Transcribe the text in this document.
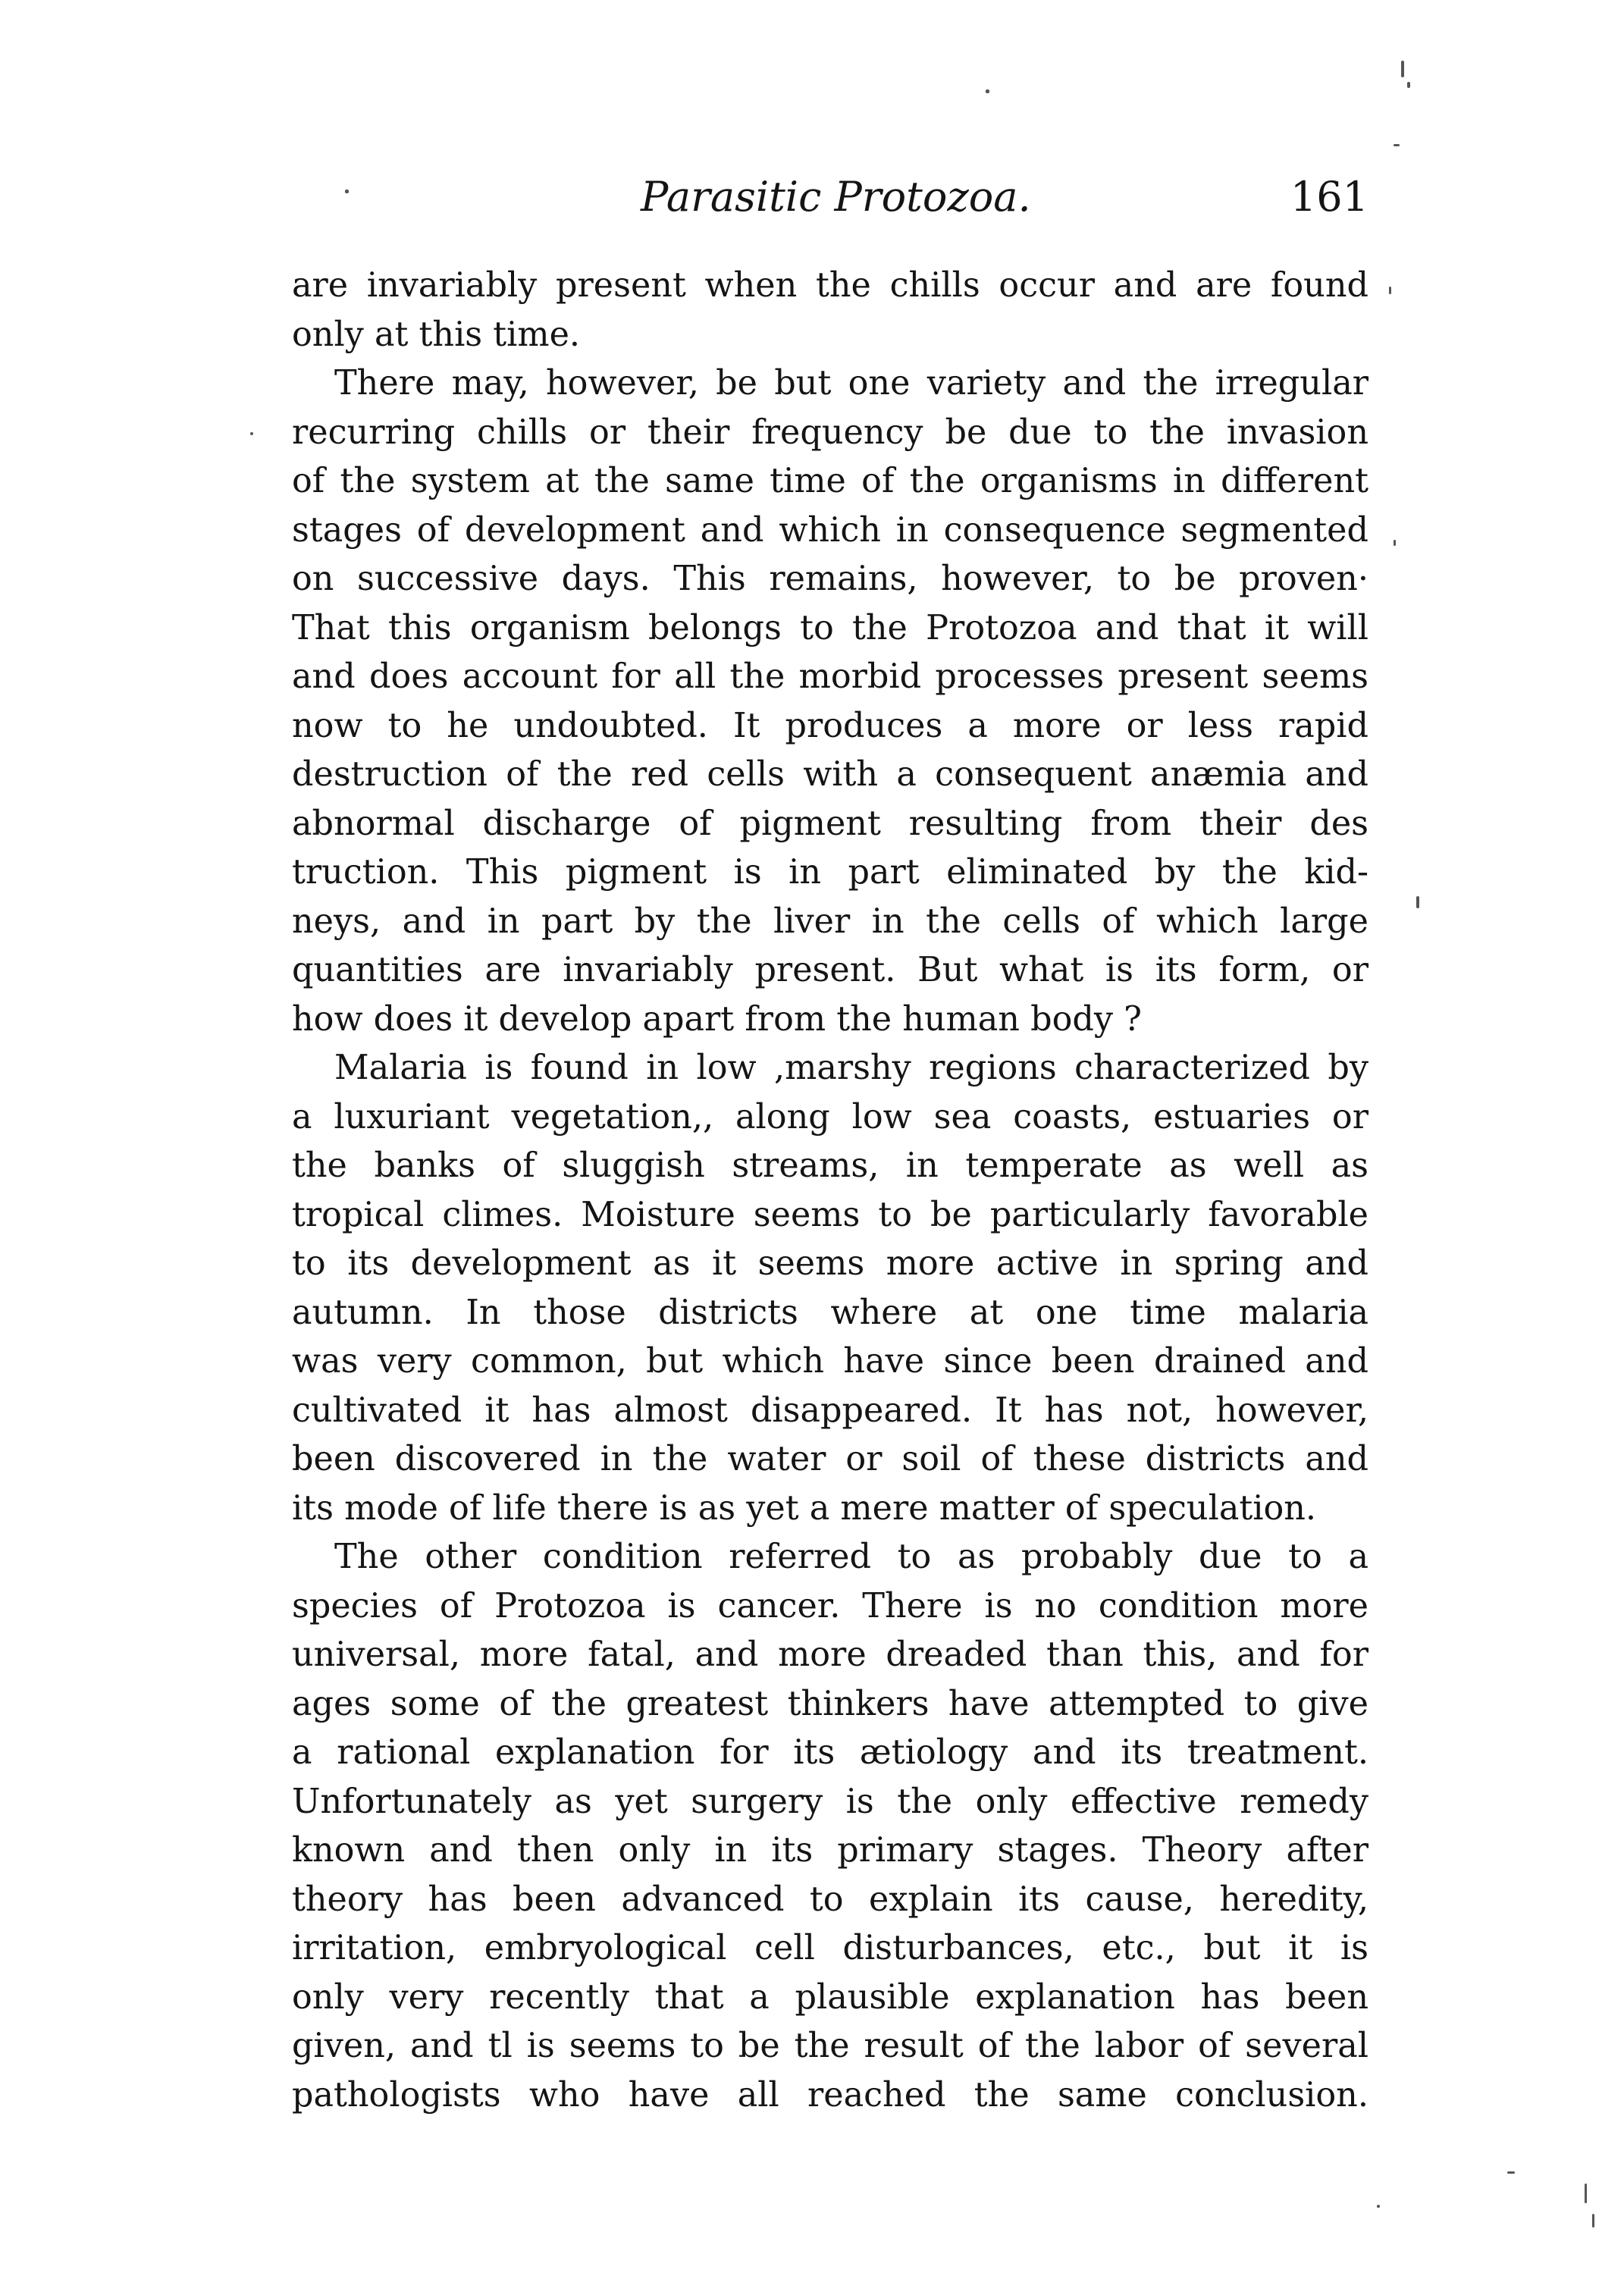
Parasitic Protozoa.	161
are invariably present when the chills occur and are found
only at this time.
There may, however, be but one variety and the irregular
recurring chills or their frequency be due to the invasion
of the system at the same time of the organisms in different
stages of development and which in consequence segmented
on successive days. This remains, however, to be proven·
That this organism belongs to the Protozoa and that it will
and does account for all the morbid processes present seems
now to he undoubted. It produces a more or less rapid
destruction of the red cells with a consequent anæmia and
abnormal discharge of pigment resulting from their des
truction. This pigment is in part eliminated by the kid-
neys, and in part by the liver in the cells of which large
quantities are invariably present. But what is its form, or
how does it develop apart from the human body ?
Malaria is found in low ,marshy regions characterized by
a luxuriant vegetation,, along low sea coasts, estuaries or
the banks of sluggish streams, in temperate as well as
tropical climes. Moisture seems to be particularly favorable
to its development as it seems more active in spring and
autumn. In those districts where at one time malaria
was very common, but which have since been drained and
cultivated it has almost disappeared. It has not, however,
been discovered in the water or soil of these districts and
its mode of life there is as yet a mere matter of speculation.
The other condition referred to as probably due to a
species of Protozoa is cancer. There is no condition more
universal, more fatal, and more dreaded than this, and for
ages some of the greatest thinkers have attempted to give
a rational explanation for its ætiology and its treatment.
Unfortunately as yet surgery is the only effective remedy
known and then only in its primary stages. Theory after
theory has been advanced to explain its cause, heredity,
irritation, embryological cell disturbances, etc., but it is
only very recently that a plausible explanation has been
given, and tl is seems to be the result of the labor of several
pathologists who have all reached the same conclusion.
